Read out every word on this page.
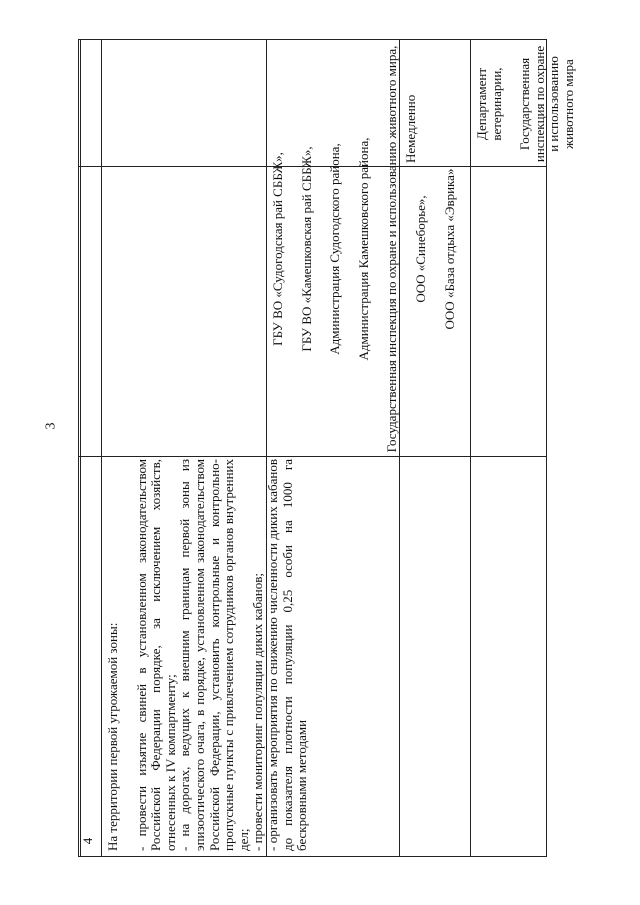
3
4 На территории первой угрожаемой зоны: - провести изъятие свиней в установленном законодательством Российской Федерации порядке, за исключением хозяйств, отнесенных к IV компартменту; - на дорогах, ведущих к внешним границам первой зоны из эпизоотического очага, в порядке, установленном законодательством Российской Федерации, установить контрольные и контрольно-пропускные пункты с привлечением сотрудников органов внутренних дел; - провести мониторинг популяции диких кабанов; - организовать мероприятия по снижению численности диких кабанов до показателя плотности популяции 0,25 особи на 1000 га бескровными методами

ГБУ ВО «Судогодская рай СББЖ», ГБУ ВО «Камешковская рай СББЖ», Администрация Судогодского района, Администрация Камешковского района, Государственная инспекция по охране и использованию животного мира, ООО «Синеборье», ООО «База отдыха «Эврика»

Немедленно	Департамент ветеринарии, Государственная инспекция по охране и использованию животного мира
